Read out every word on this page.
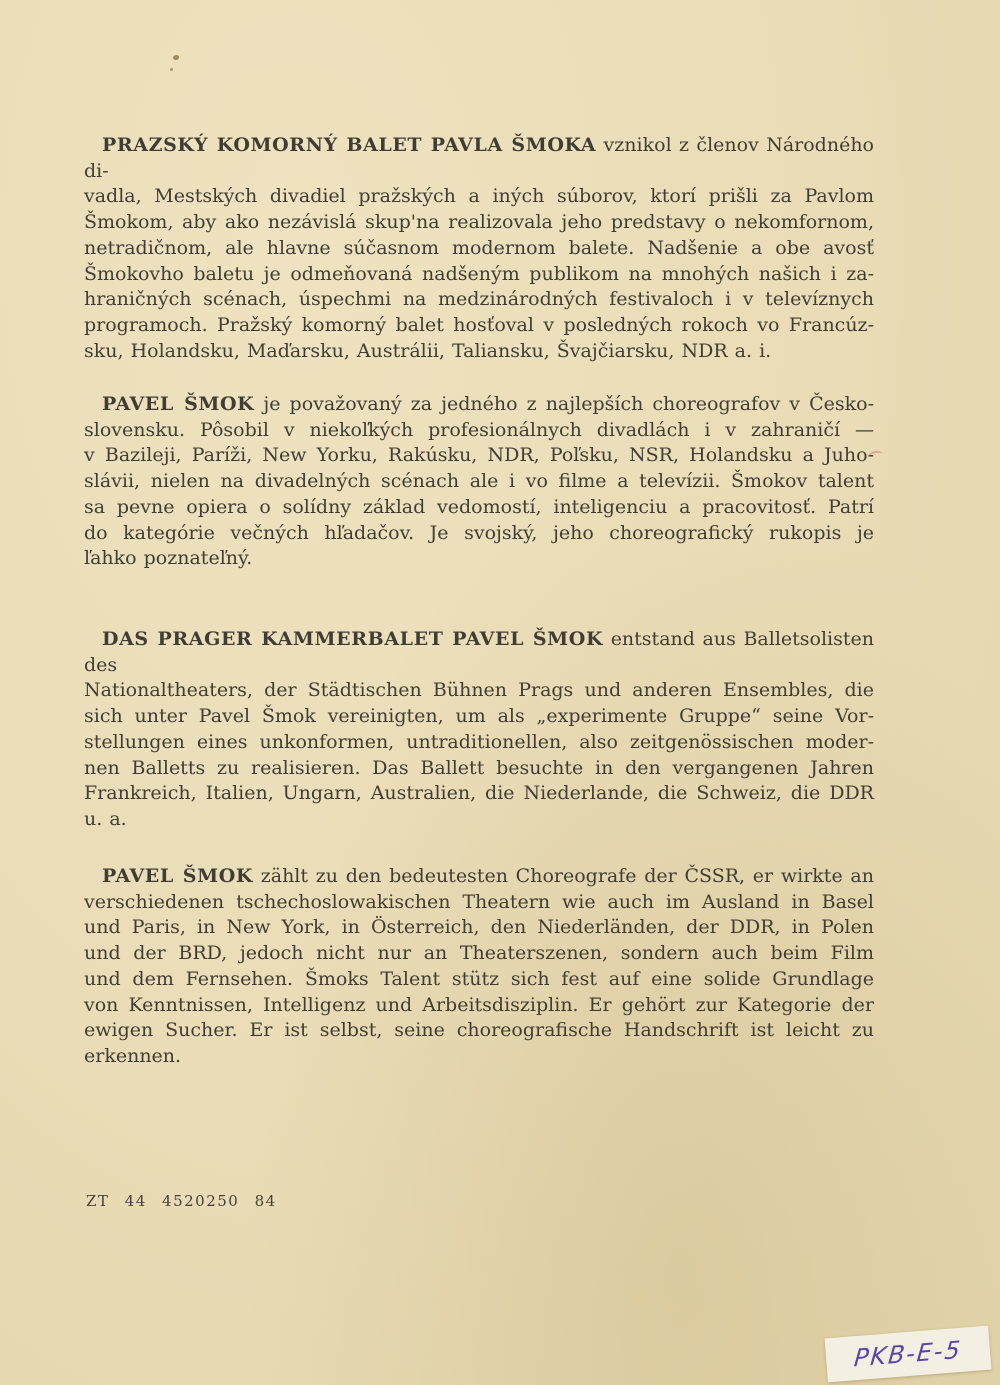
PRAZSKÝ KOMORNÝ BALET PAVLA ŠMOKA vznikol z členov Národného di-
vadla, Mestských divadiel pražských a iných súborov, ktorí prišli za Pavlom
Šmokom, aby ako nezávislá skup'na realizovala jeho predstavy o nekomfornom,
netradičnom, ale hlavne súčasnom modernom balete. Nadšenie a obe avosť
Šmokovho baletu je odmeňovaná nadšeným publikom na mnohých našich i za-
hraničných scénach, úspechmi na medzinárodných festivaloch i v televíznych
programoch. Pražský komorný balet hosťoval v posledných rokoch vo Francúz-
sku, Holandsku, Maďarsku, Austrálii, Taliansku, Švajčiarsku, NDR a. i.
PAVEL ŠMOK je považovaný za jedného z najlepších choreografov v Česko-
slovensku. Pôsobil v niekoľkých profesionálnych divadlách i v zahraničí —
v Bazileji, Paríži, New Yorku, Rakúsku, NDR, Poľsku, NSR, Holandsku a Juho-
slávii, nielen na divadelných scénach ale i vo filme a televízii. Šmokov talent
sa pevne opiera o solídny základ vedomostí, inteligenciu a pracovitosť. Patrí
do kategórie večných hľadačov. Je svojský, jeho choreografický rukopis je
ľahko poznateľný.
DAS PRAGER KAMMERBALET PAVEL ŠMOK entstand aus Balletsolisten des
Nationaltheaters, der Städtischen Bühnen Prags und anderen Ensembles, die
sich unter Pavel Šmok vereinigten, um als „experimente Gruppe“ seine Vor-
stellungen eines unkonformen, untraditionellen, also zeitgenössischen moder-
nen Balletts zu realisieren. Das Ballett besuchte in den vergangenen Jahren
Frankreich, Italien, Ungarn, Australien, die Niederlande, die Schweiz, die DDR
u. a.
PAVEL ŠMOK zählt zu den bedeutesten Choreografe der ČSSR, er wirkte an
verschiedenen tschechoslowakischen Theatern wie auch im Ausland in Basel
und Paris, in New York, in Österreich, den Niederländen, der DDR, in Polen
und der BRD, jedoch nicht nur an Theaterszenen, sondern auch beim Film
und dem Fernsehen. Šmoks Talent stütz sich fest auf eine solide Grundlage
von Kenntnissen, Intelligenz und Arbeitsdisziplin. Er gehört zur Kategorie der
ewigen Sucher. Er ist selbst, seine choreografische Handschrift ist leicht zu
erkennen.
ZT 44 4520250 84
PKB-E-5
